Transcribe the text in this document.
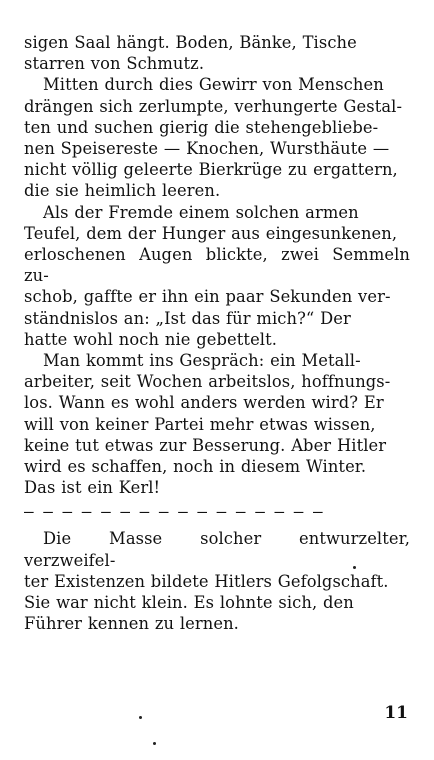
sigen Saal hängt. Boden, Bänke, Tische
starren von Schmutz.

Mitten durch dies Gewirr von Menschen
drängen sich zerlumpte, verhungerte Gestal-
ten und suchen gierig die stehengebliebe-
nen Speisereste — Knochen, Wursthäute —
nicht völlig geleerte Bierkrüge zu ergattern,
die sie heimlich leeren.

Als der Fremde einem solchen armen
Teufel, dem der Hunger aus eingesunkenen,
erloschenen Augen blickte, zwei Semmeln zu-
schob, gaffte er ihn ein paar Sekunden ver-
ständnislos an: „Ist das für mich?“ Der
hatte wohl noch nie gebettelt.

Man kommt ins Gespräch: ein Metall-
arbeiter, seit Wochen arbeitslos, hoffnungs-
los. Wann es wohl anders werden wird? Er
will von keiner Partei mehr etwas wissen,
keine tut etwas zur Besserung. Aber Hitler
wird es schaffen, noch in diesem Winter.
Das ist ein Kerl!

— — — — — — — — — — — — — — — —

Die Masse solcher entwurzelter, verzweifel-
ter Existenzen bildete Hitlers Gefolgschaft.
Sie war nicht klein. Es lohnte sich, den
Führer kennen zu lernen.

11
